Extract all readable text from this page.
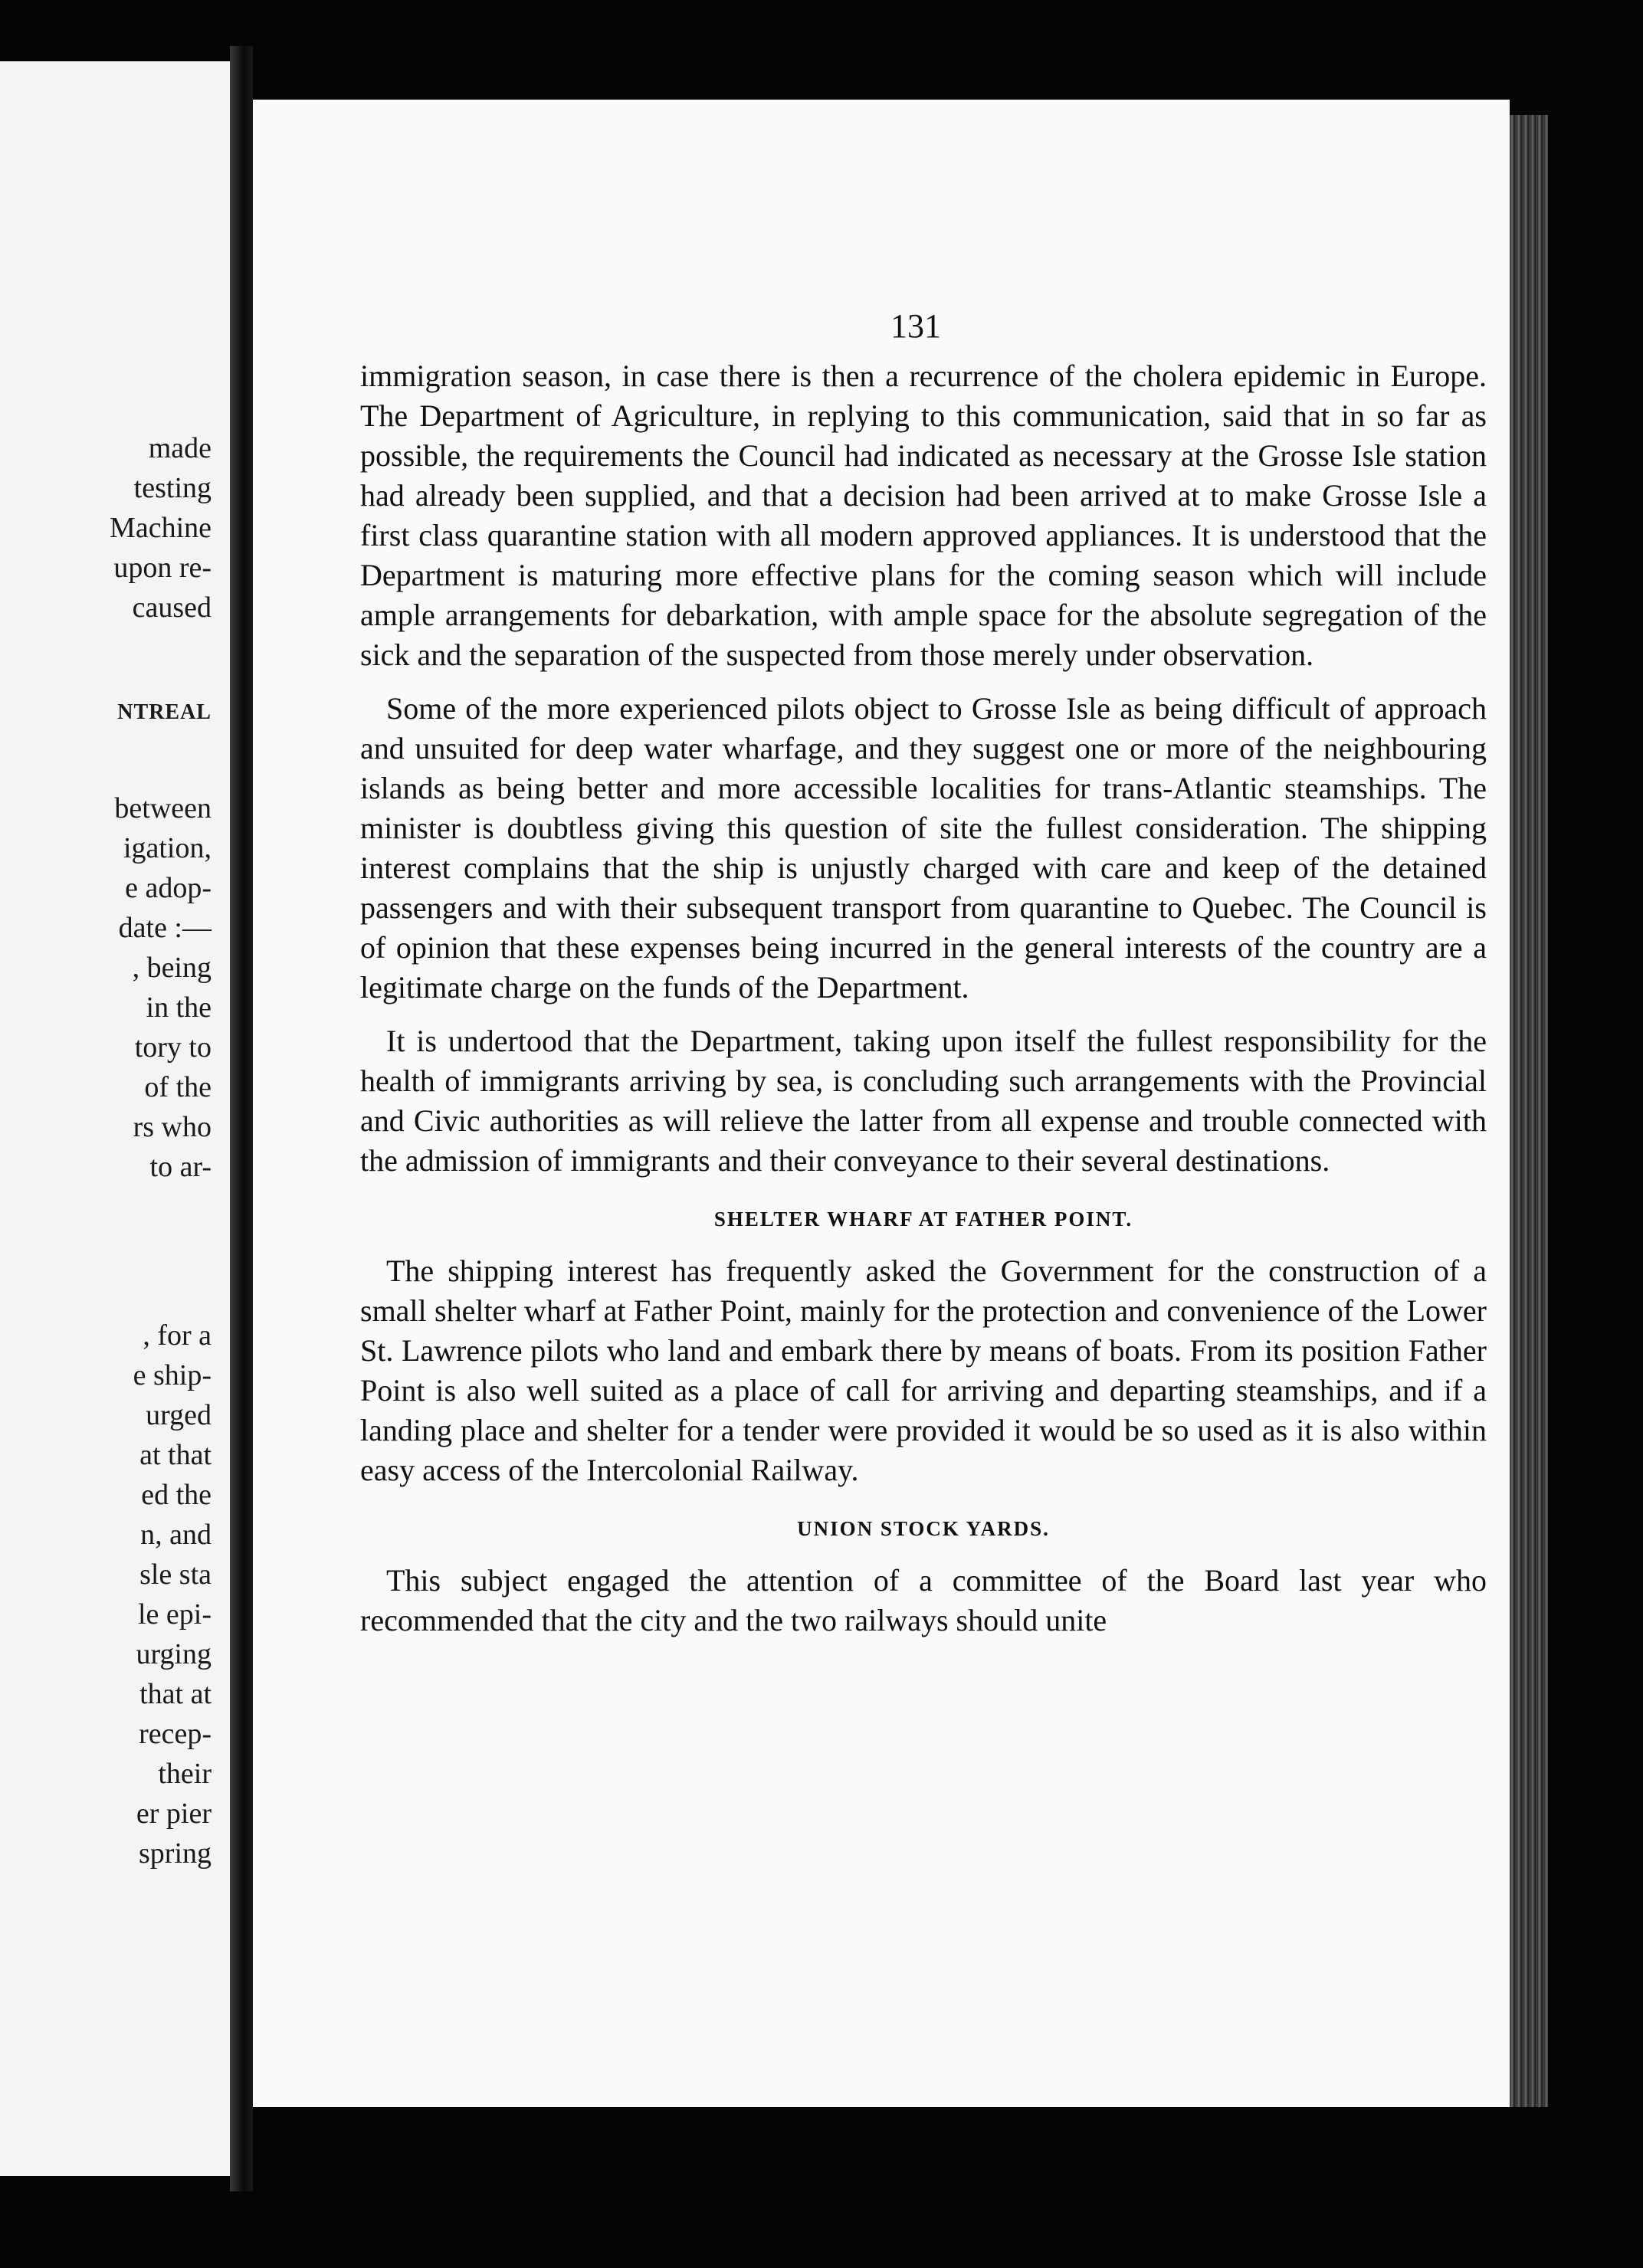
made
testing
Machine
upon re-
caused
NTREAL
between
igation,
e adop-
date :—
, being
in the
tory to
of the
rs who
to ar-
, for a
e ship-
urged
at that
ed the
n, and
sle sta
le epi-
urging
that at
recep-
their
er pier
spring
131

immigration season, in case there is then a recurrence of the cholera epidemic in Europe. The Department of Agriculture, in replying to this communication, said that in so far as possible, the requirements the Council had indicated as necessary at the Grosse Isle station had already been supplied, and that a decision had been arrived at to make Grosse Isle a first class quarantine station with all modern approved appliances. It is understood that the Department is maturing more effective plans for the coming season which will include ample arrangements for debarkation, with ample space for the absolute segregation of the sick and the separation of the suspected from those merely under observation.

Some of the more experienced pilots object to Grosse Isle as being difficult of approach and unsuited for deep water wharfage, and they suggest one or more of the neighbouring islands as being better and more accessible localities for trans-Atlantic steamships. The minister is doubtless giving this question of site the fullest consideration. The shipping interest complains that the ship is unjustly charged with care and keep of the detained passengers and with their subsequent transport from quarantine to Quebec. The Council is of opinion that these expenses being incurred in the general interests of the country are a legitimate charge on the funds of the Department.

It is undertood that the Department, taking upon itself the fullest responsibility for the health of immigrants arriving by sea, is concluding such arrangements with the Provincial and Civic authorities as will relieve the latter from all expense and trouble connected with the admission of immigrants and their conveyance to their several destinations.

SHELTER WHARF AT FATHER POINT.

The shipping interest has frequently asked the Government for the construction of a small shelter wharf at Father Point, mainly for the protection and convenience of the Lower St. Lawrence pilots who land and embark there by means of boats. From its position Father Point is also well suited as a place of call for arriving and departing steamships, and if a landing place and shelter for a tender were provided it would be so used as it is also within easy access of the Intercolonial Railway.

UNION STOCK YARDS.

This subject engaged the attention of a committee of the Board last year who recommended that the city and the two railways should unite
